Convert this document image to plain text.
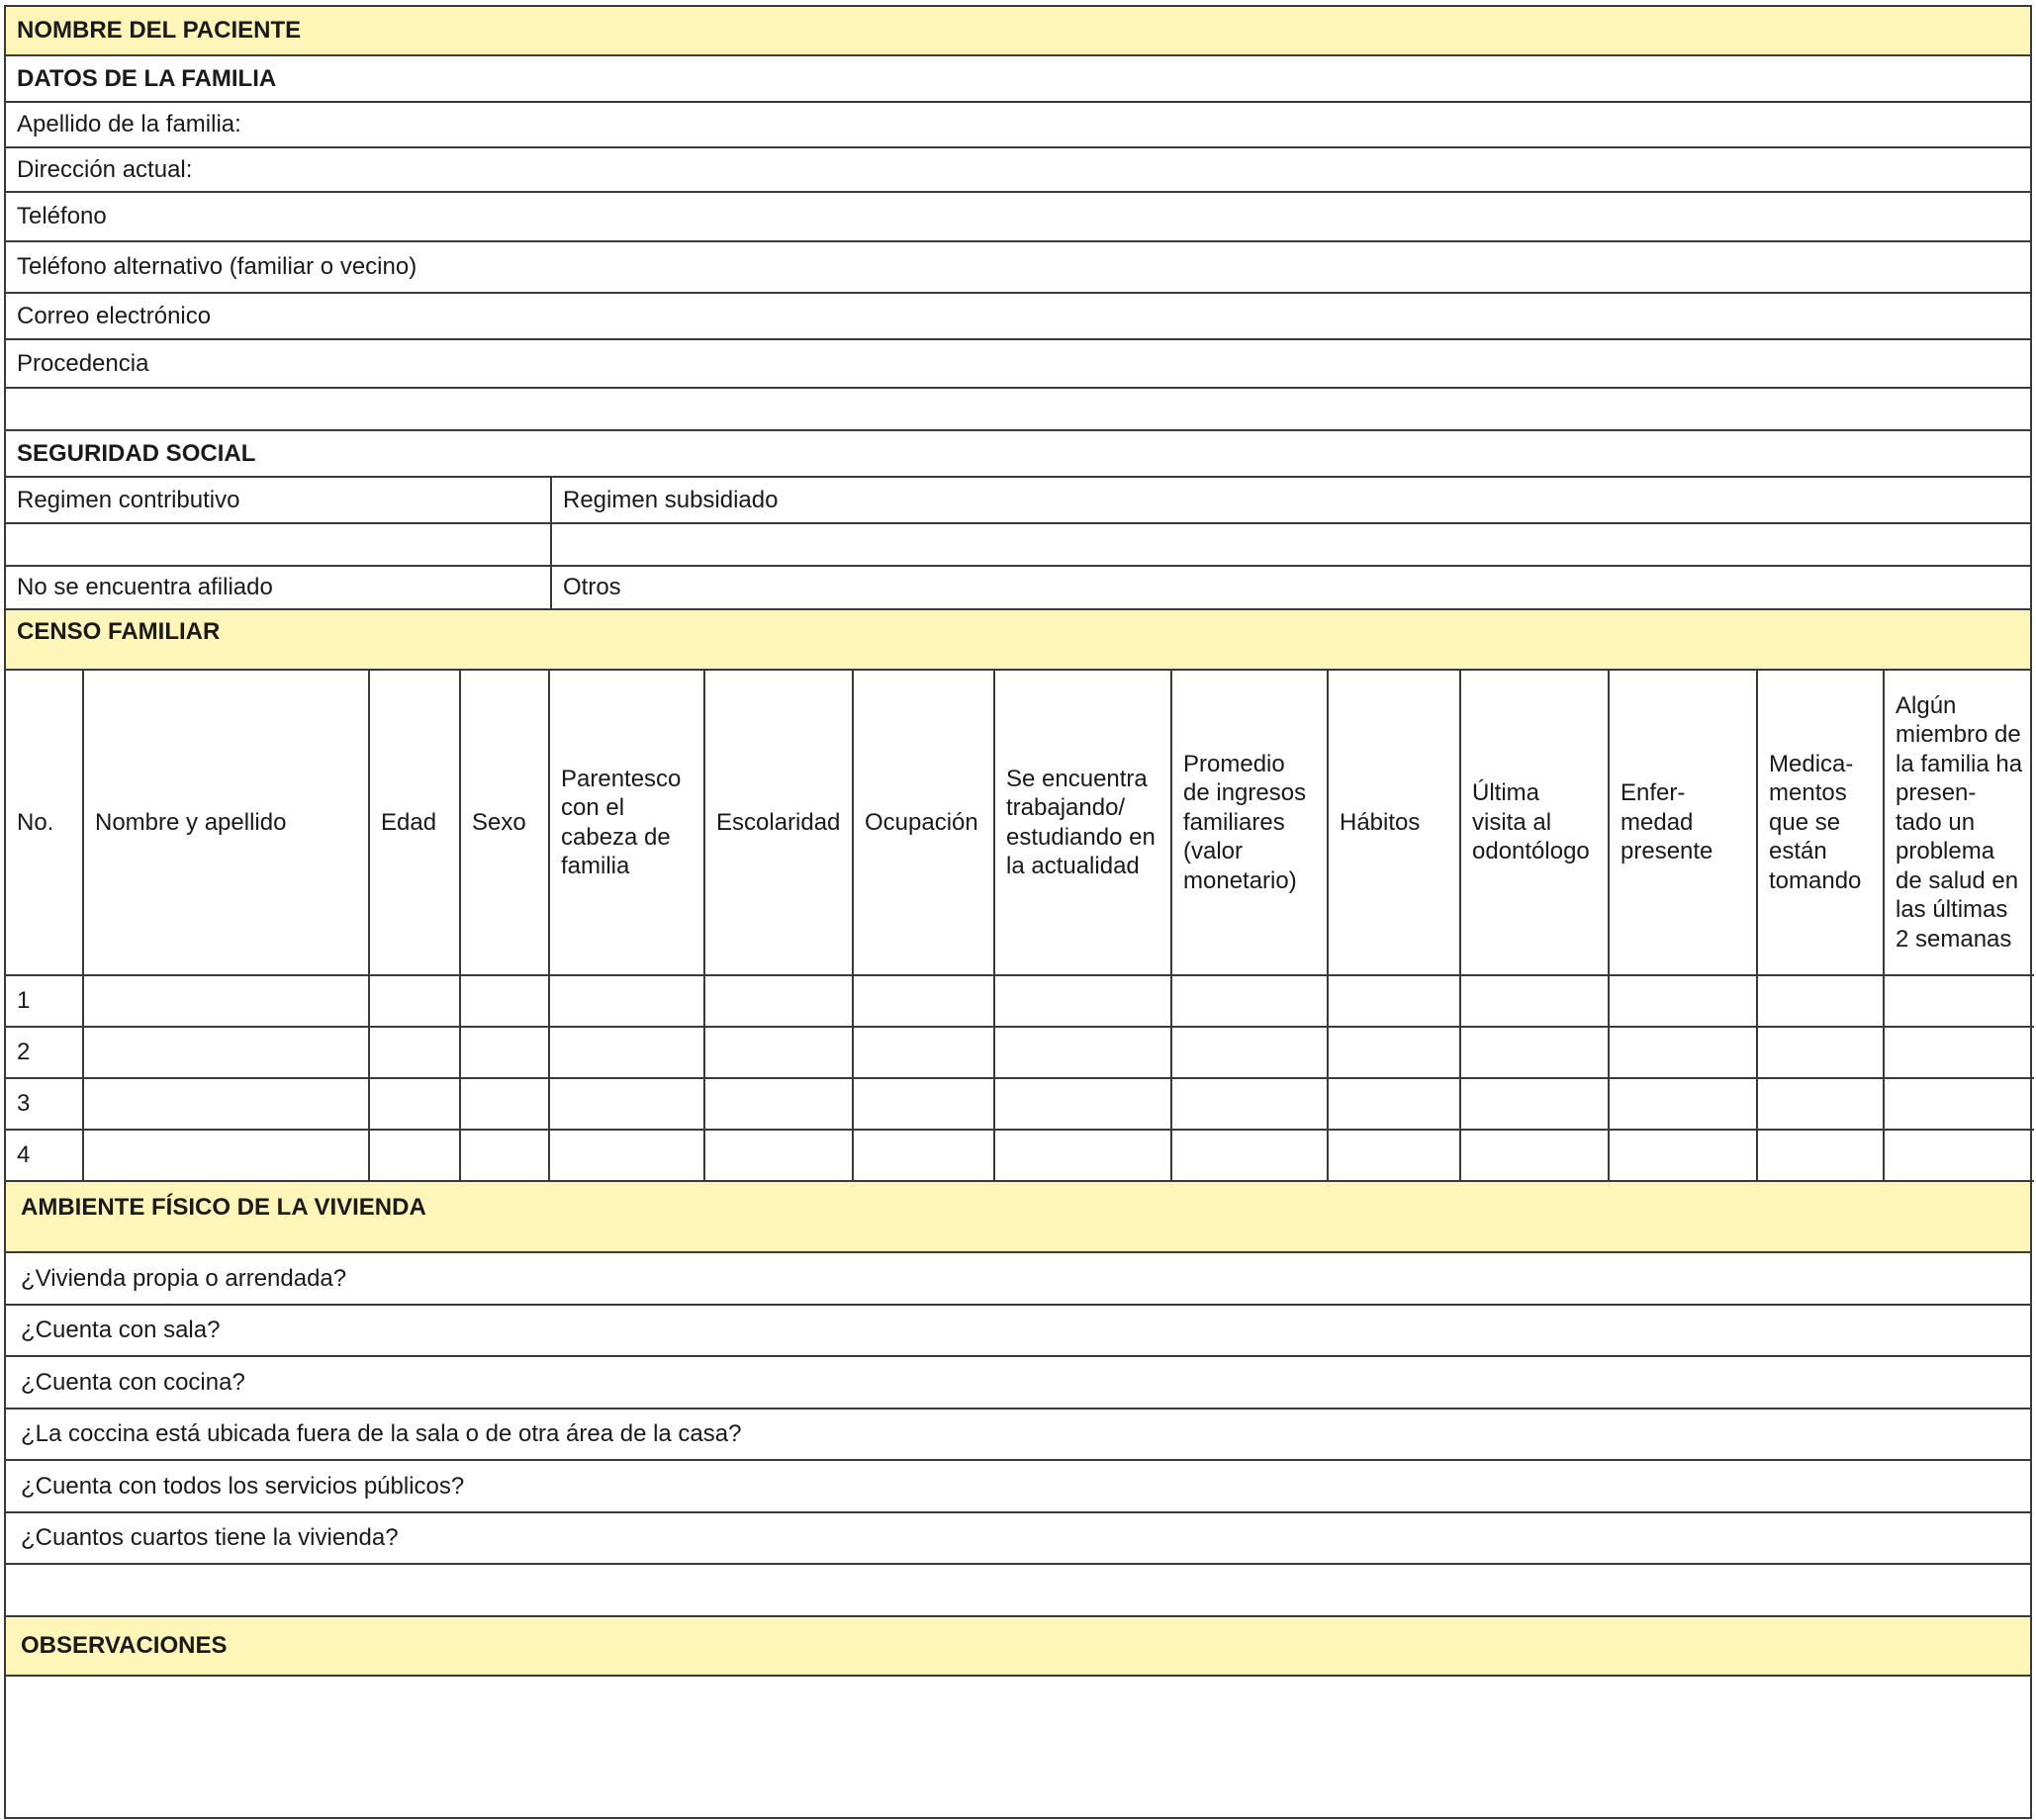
NOMBRE DEL PACIENTE
DATOS DE LA FAMILIA
Apellido de la familia:
Dirección actual:
Teléfono
Teléfono alternativo (familiar o vecino)
Correo electrónico
Procedencia
SEGURIDAD SOCIAL
Regimen contributivo	Regimen subsidiado
No se encuentra afiliado	Otros
CENSO FAMILIAR
No.	Nombre y apellido	Edad	Sexo	Parentesco con el cabeza de familia	Escolaridad	Ocupación	Se encuentra trabajando/ estudiando en la actualidad	Promedio de ingresos familiares (valor monetario)	Hábitos	Última visita al odontólogo	Enfer- medad presente	Medica- mentos que se están tomando	Algún miembro de la familia ha presen- tado un problema de salud en las últimas 2 semanas
1													
2													
3													
4													
AMBIENTE FÍSICO DE LA VIVIENDA
¿Vivienda propia o arrendada?
¿Cuenta con sala?
¿Cuenta con cocina?
¿La coccina está ubicada fuera de la sala o de otra área de la casa?
¿Cuenta con todos los servicios públicos?
¿Cuantos cuartos tiene la vivienda?
OBSERVACIONES
